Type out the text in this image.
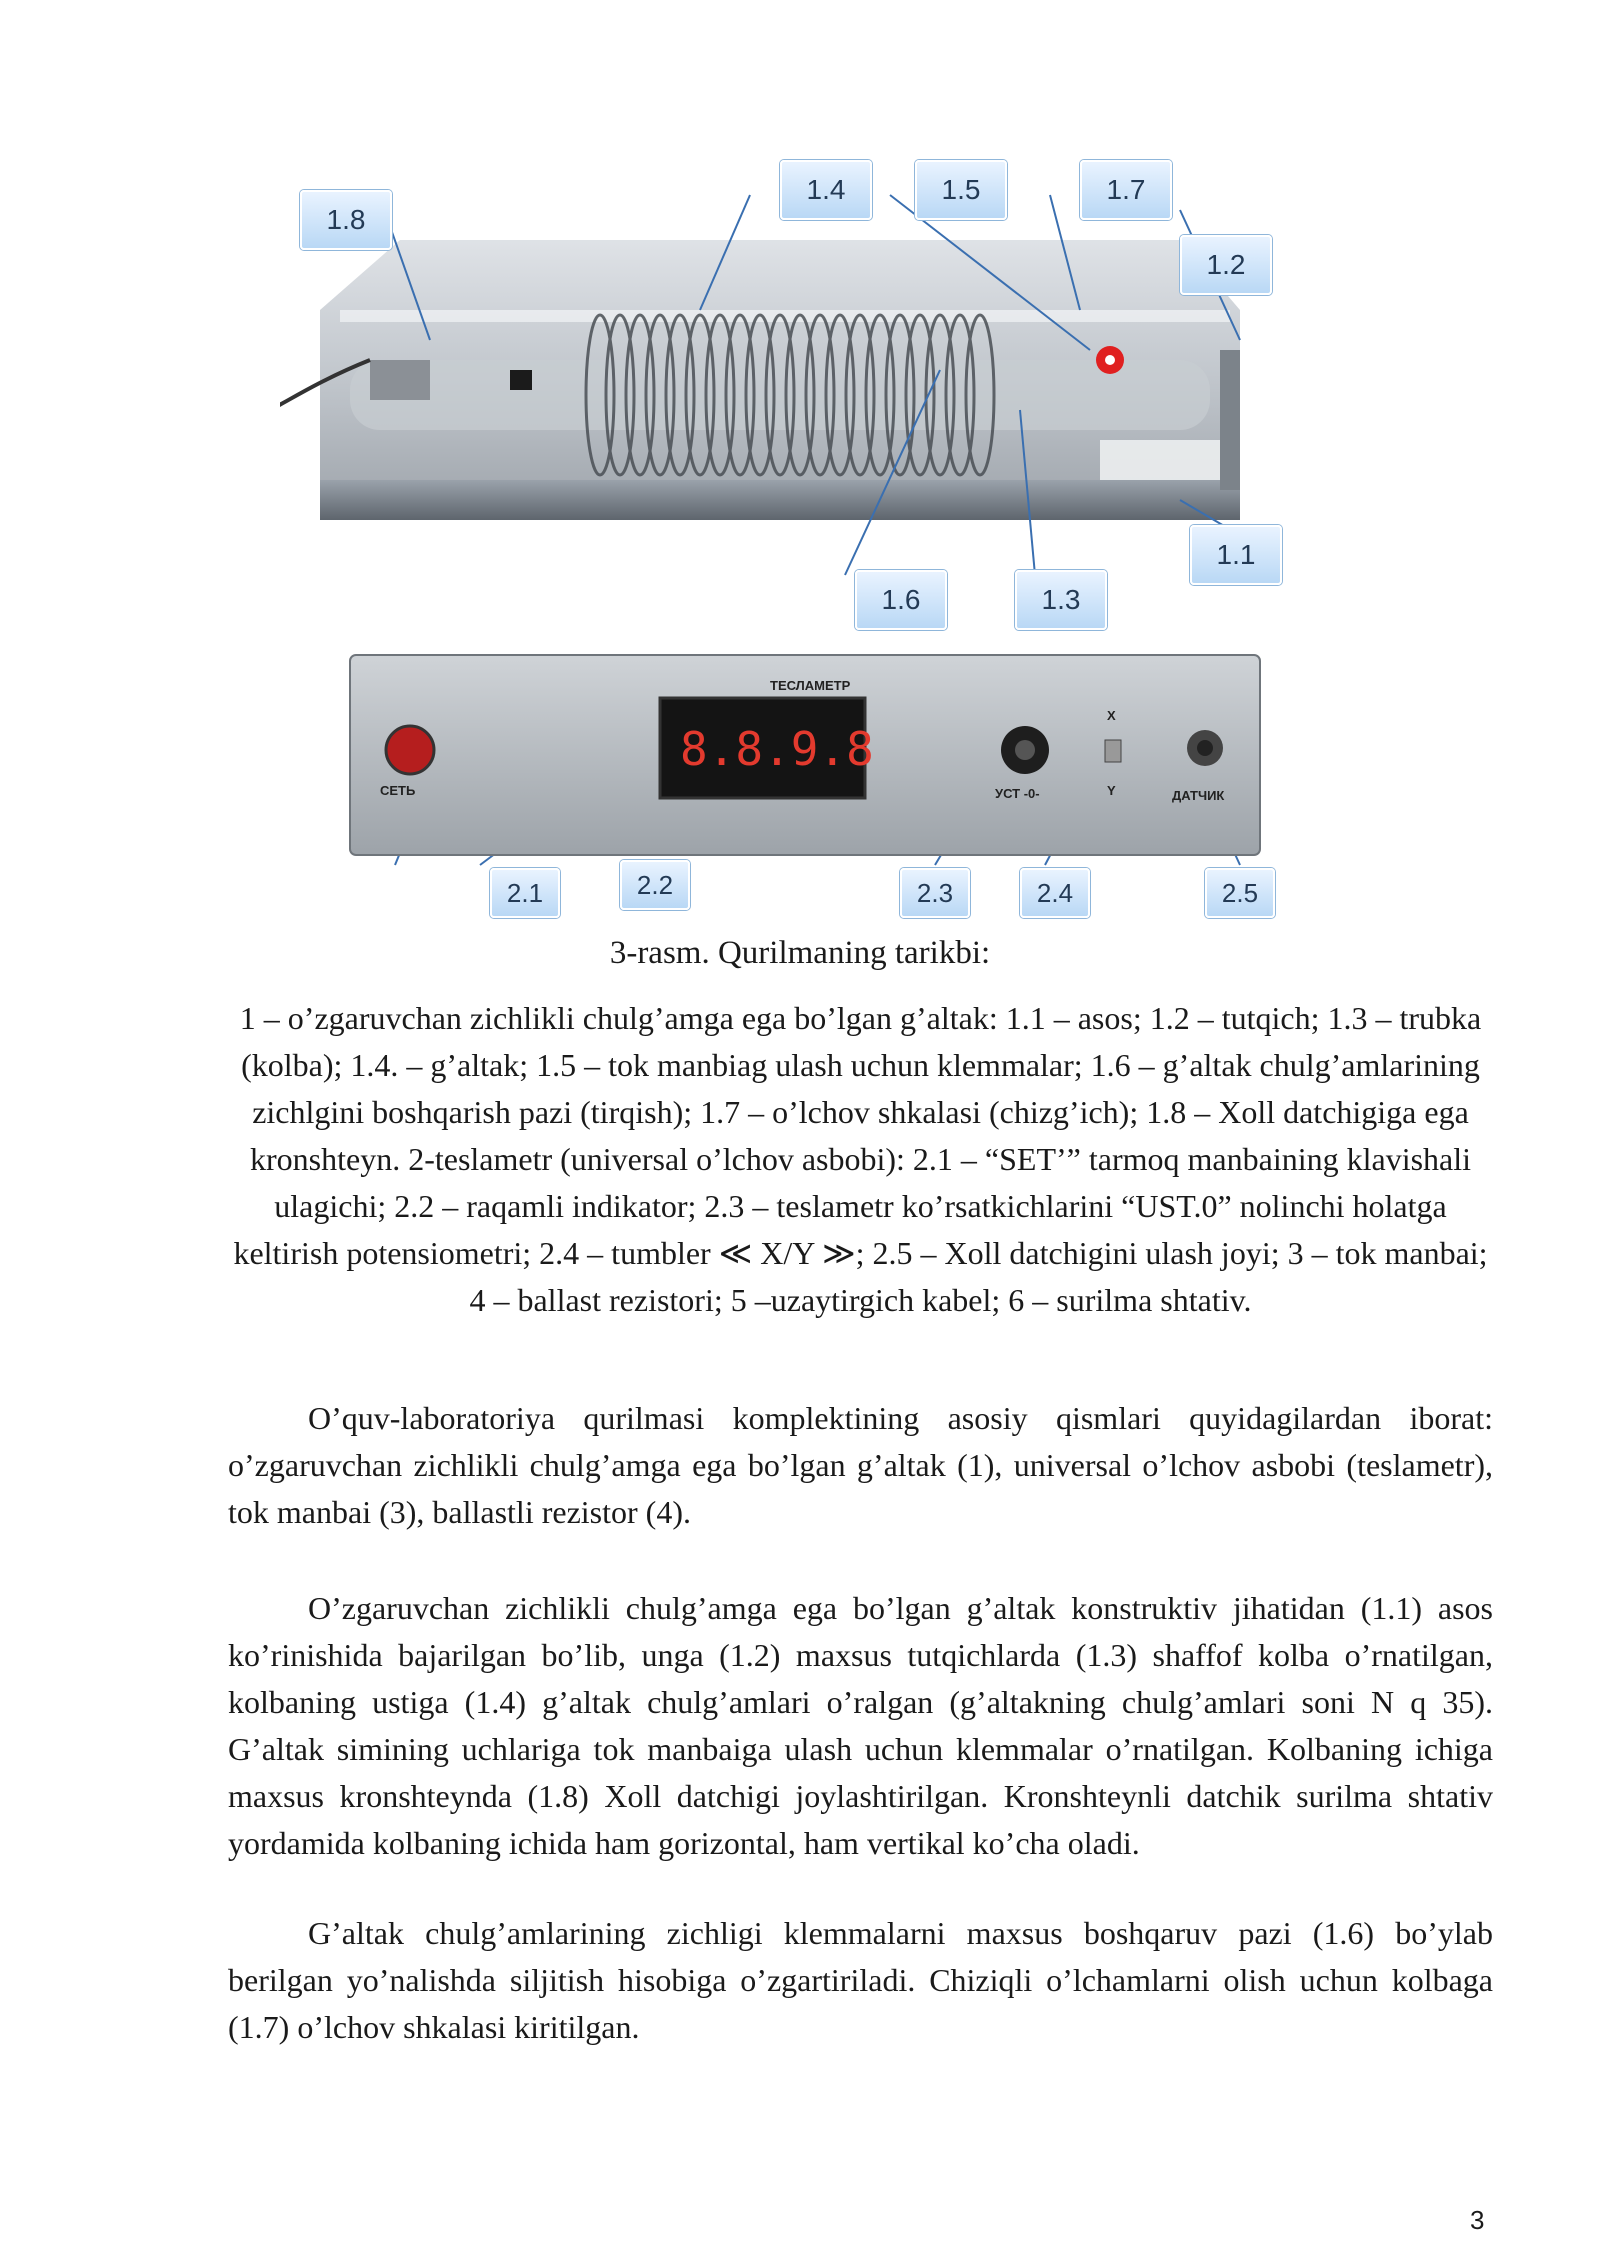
ТЕСЛАМЕТР
8.8.9.8
СЕТЬ	УСТ -0-
X
Y	ДАТЧИК
1.8
1.4	1.5	1.7
1.2
1.6	1.3
1.1
2.1	2.2	2.3	2.4	2.5
3-rasm. Qurilmaning tarikbi:
1 – o’zgaruvchan zichlikli chulg’amga ega bo’lgan g’altak: 1.1 – asos; 1.2 – tutqich; 1.3 – trubka (kolba); 1.4. – g’altak; 1.5 – tok manbiag ulash uchun klemmalar; 1.6 – g’altak chulg’amlarining zichlgini boshqarish pazi (tirqish); 1.7 – o’lchov shkalasi (chizg’ich); 1.8 – Xoll datchigiga ega kronshteyn. 2-teslametr (universal o’lchov asbobi): 2.1 – “SET’” tarmoq manbaining klavishali ulagichi; 2.2 – raqamli indikator; 2.3 – teslametr ko’rsatkichlarini “UST.0” nolinchi holatga keltirish potensiometri; 2.4 – tumbler ≪ X/Y ≫; 2.5 – Xoll datchigini ulash joyi; 3 – tok manbai; 4 – ballast rezistori; 5 –uzaytirgich kabel; 6 – surilma shtativ.

O’quv-laboratoriya qurilmasi komplektining asosiy qismlari quyidagilardan iborat: o’zgaruvchan zichlikli chulg’amga ega bo’lgan g’altak (1), universal o’lchov asbobi (teslametr), tok manbai (3), ballastli rezistor (4).

O’zgaruvchan zichlikli chulg’amga ega bo’lgan g’altak konstruktiv jihatidan (1.1) asos ko’rinishida bajarilgan bo’lib, unga (1.2) maxsus tutqichlarda (1.3) shaffof kolba o’rnatilgan, kolbaning ustiga (1.4) g’altak chulg’amlari o’ralgan (g’altakning chulg’amlari soni N q 35). G’altak simining uchlariga tok manbaiga ulash uchun klemmalar o’rnatilgan. Kolbaning ichiga maxsus kronshteynda (1.8) Xoll datchigi joylashtirilgan. Kronshteynli datchik surilma shtativ yordamida kolbaning ichida ham gorizontal, ham vertikal ko’cha oladi.

G’altak chulg’amlarining zichligi klemmalarni maxsus boshqaruv pazi (1.6) bo’ylab berilgan yo’nalishda siljitish hisobiga o’zgartiriladi. Chiziqli o’lchamlarni olish uchun kolbaga (1.7) o’lchov shkalasi kiritilgan.

3
